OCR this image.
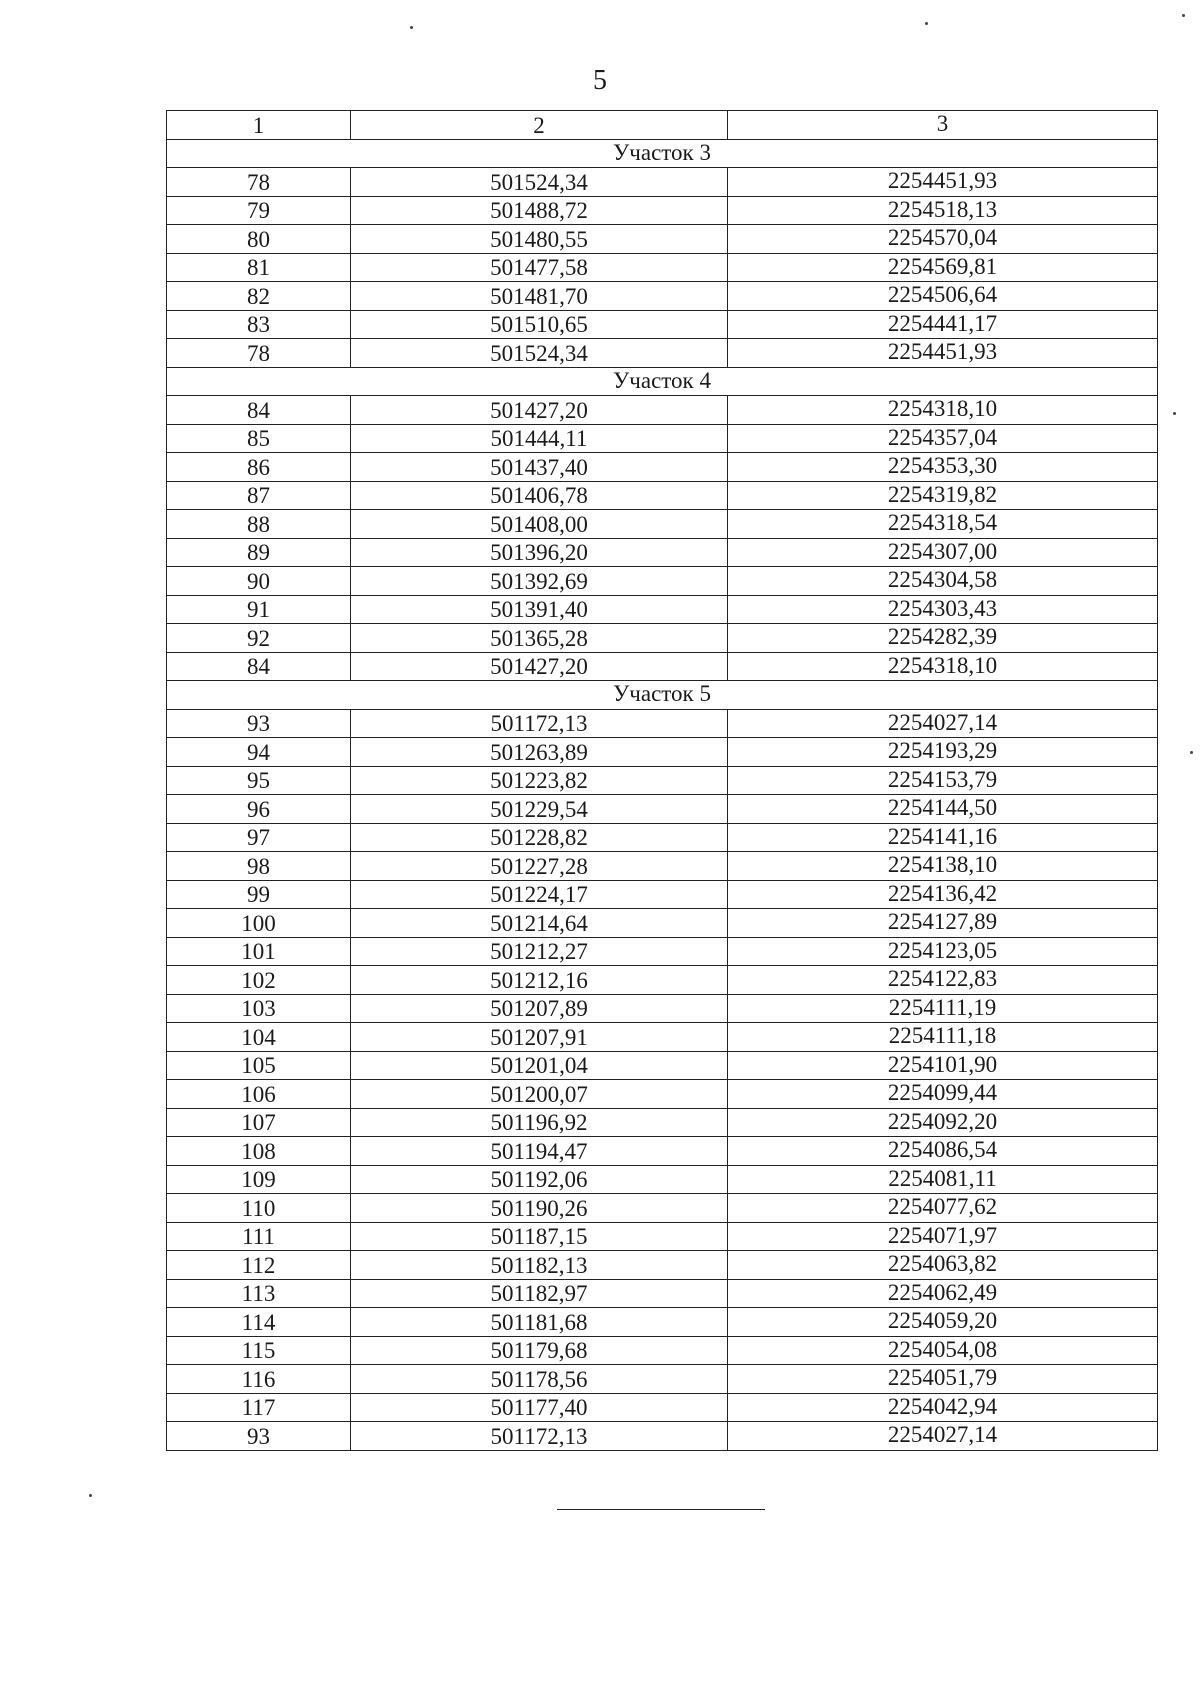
5
1	2	3
Участок 3		
78	501524,34	2254451,93
79	501488,72	2254518,13
80	501480,55	2254570,04
81	501477,58	2254569,81
82	501481,70	2254506,64
83	501510,65	2254441,17
78	501524,34	2254451,93
Участок 4		
84	501427,20	2254318,10
85	501444,11	2254357,04
86	501437,40	2254353,30
87	501406,78	2254319,82
88	501408,00	2254318,54
89	501396,20	2254307,00
90	501392,69	2254304,58
91	501391,40	2254303,43
92	501365,28	2254282,39
84	501427,20	2254318,10
Участок 5		
93	501172,13	2254027,14
94	501263,89	2254193,29
95	501223,82	2254153,79
96	501229,54	2254144,50
97	501228,82	2254141,16
98	501227,28	2254138,10
99	501224,17	2254136,42
100	501214,64	2254127,89
101	501212,27	2254123,05
102	501212,16	2254122,83
103	501207,89	2254111,19
104	501207,91	2254111,18
105	501201,04	2254101,90
106	501200,07	2254099,44
107	501196,92	2254092,20
108	501194,47	2254086,54
109	501192,06	2254081,11
110	501190,26	2254077,62
111	501187,15	2254071,97
112	501182,13	2254063,82
113	501182,97	2254062,49
114	501181,68	2254059,20
115	501179,68	2254054,08
116	501178,56	2254051,79
117	501177,40	2254042,94
93	501172,13	2254027,14
